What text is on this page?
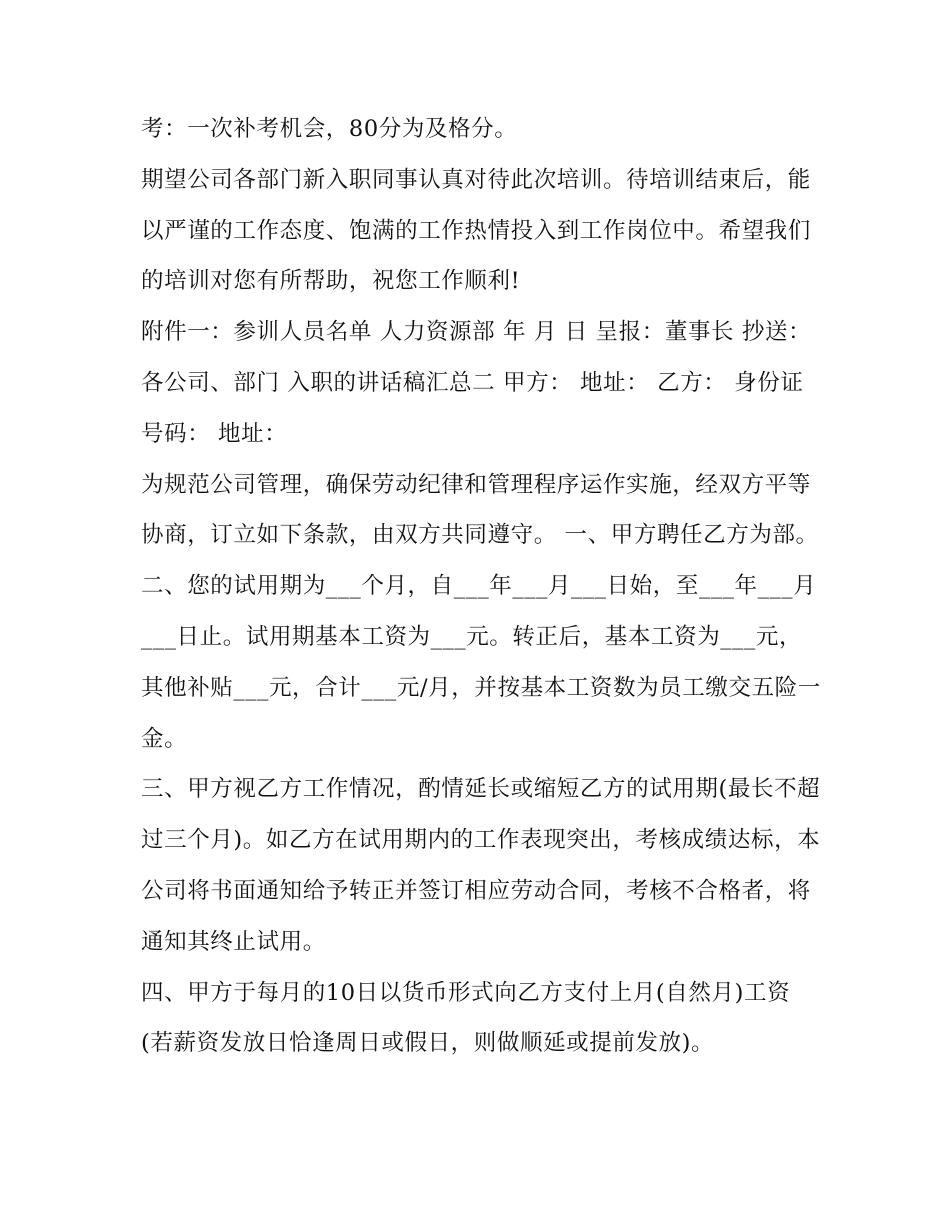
考：一次补考机会，80分为及格分。

期望公司各部门新入职同事认真对待此次培训。待培训结束后，能以严谨的工作态度、饱满的工作热情投入到工作岗位中。希望我们的培训对您有所帮助，祝您工作顺利!

附件一：参训人员名单 人力资源部 年 月 日 呈报：董事长 抄送：各公司、部门 入职的讲话稿汇总二 甲方： 地址： 乙方： 身份证号码： 地址：

为规范公司管理，确保劳动纪律和管理程序运作实施，经双方平等协商，订立如下条款，由双方共同遵守。 一、甲方聘任乙方为部。

二、您的试用期为___个月，自___年___月___日始，至___年___月___日止。试用期基本工资为___元。转正后，基本工资为___元，其他补贴___元，合计___元/月，并按基本工资数为员工缴交五险一金。

三、甲方视乙方工作情况，酌情延长或缩短乙方的试用期(最长不超过三个月)。如乙方在试用期内的工作表现突出，考核成绩达标，本公司将书面通知给予转正并签订相应劳动合同，考核不合格者，将通知其终止试用。

四、甲方于每月的10日以货币形式向乙方支付上月(自然月)工资(若薪资发放日恰逢周日或假日，则做顺延或提前发放)。
